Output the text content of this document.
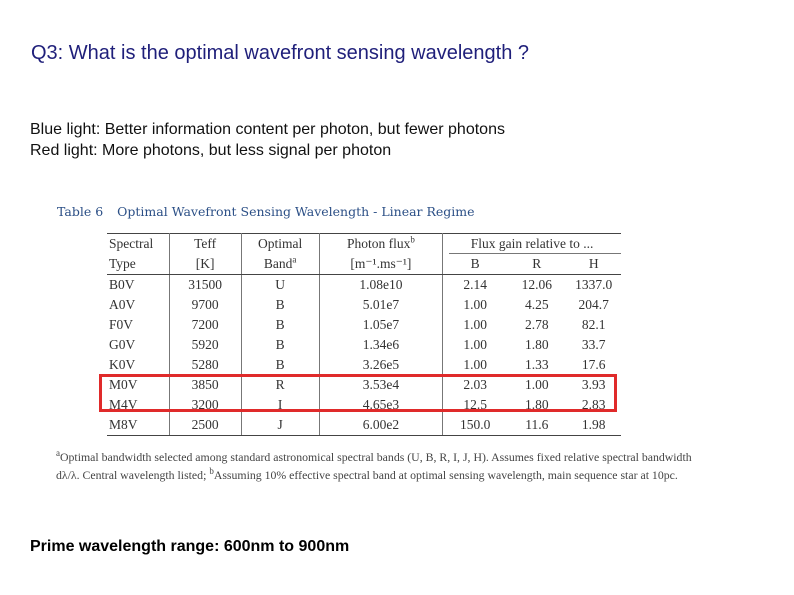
Q3: What is the optimal wavefront sensing wavelength ?
Blue light: Better information content per photon, but fewer photons
Red light: More photons, but less signal per photon
Table 6 Optimal Wavefront Sensing Wavelength - Linear Regime
Spectral	Teff	Optimal	Photon flux$^b$	Flux gain relative to ...		

Type	[K]	Band$^a$	[m⁻¹.ms⁻¹]	B	R	H
B0V	31500	U	1.08e10	2.14	12.06	1337.0
A0V	9700	B	5.01e7	1.00	4.25	204.7
F0V	7200	B	1.05e7	1.00	2.78	82.1
G0V	5920	B	1.34e6	1.00	1.80	33.7
K0V	5280	B	3.26e5	1.00	1.33	17.6
M0V	3850	R	3.53e4	2.03	1.00	3.93
M4V	3200	I	4.65e3	12.5	1.80	2.83
M8V	2500	J	6.00e2	150.0	11.6	1.98
$^a$Optimal bandwidth selected among standard astronomical spectral bands (U, B, R, I, J, H). Assumes fixed relative spectral bandwidth dλ/λ. Central wavelength listed; $^b$Assuming 10% effective spectral band at optimal sensing wavelength, main sequence star at 10pc.
Prime wavelength range: 600nm to 900nm
